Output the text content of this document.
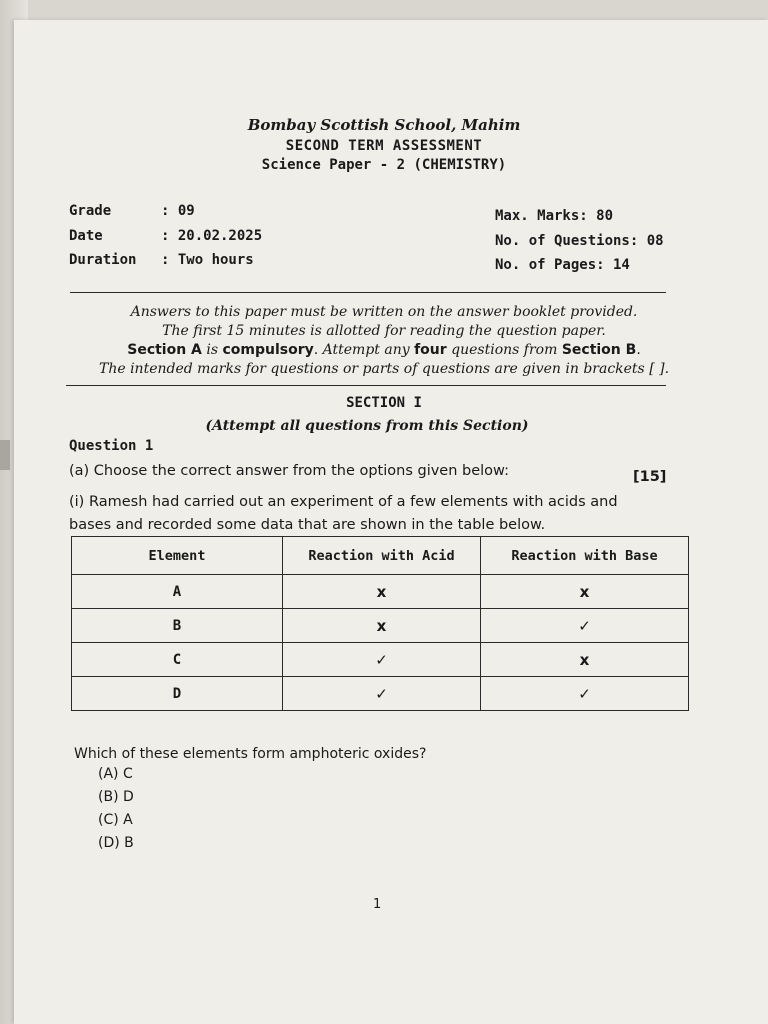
Bombay Scottish School, Mahim
SECOND TERM ASSESSMENT
Science Paper - 2 (CHEMISTRY)
Grade	: 09
Date	: 20.02.2025
Duration : Two hours
Max. Marks: 80
No. of Questions: 08
No. of Pages: 14
Answers to this paper must be written on the answer booklet provided.
The first 15 minutes is allotted for reading the question paper.
Section A is compulsory. Attempt any four questions from Section B.
The intended marks for questions or parts of questions are given in brackets [ ].
SECTION I
(Attempt all questions from this Section)
Question 1
(a) Choose the correct answer from the options given below:	[15]
(i) Ramesh had carried out an experiment of a few elements with acids and
bases and recorded some data that are shown in the table below.
Element	Reaction with Acid	Reaction with Base
A	x	x
B	x	✓
C	✓	x
D	✓	✓
Which of these elements form amphoteric oxides?
(A) C
(B) D
(C) A
(D) B
1
